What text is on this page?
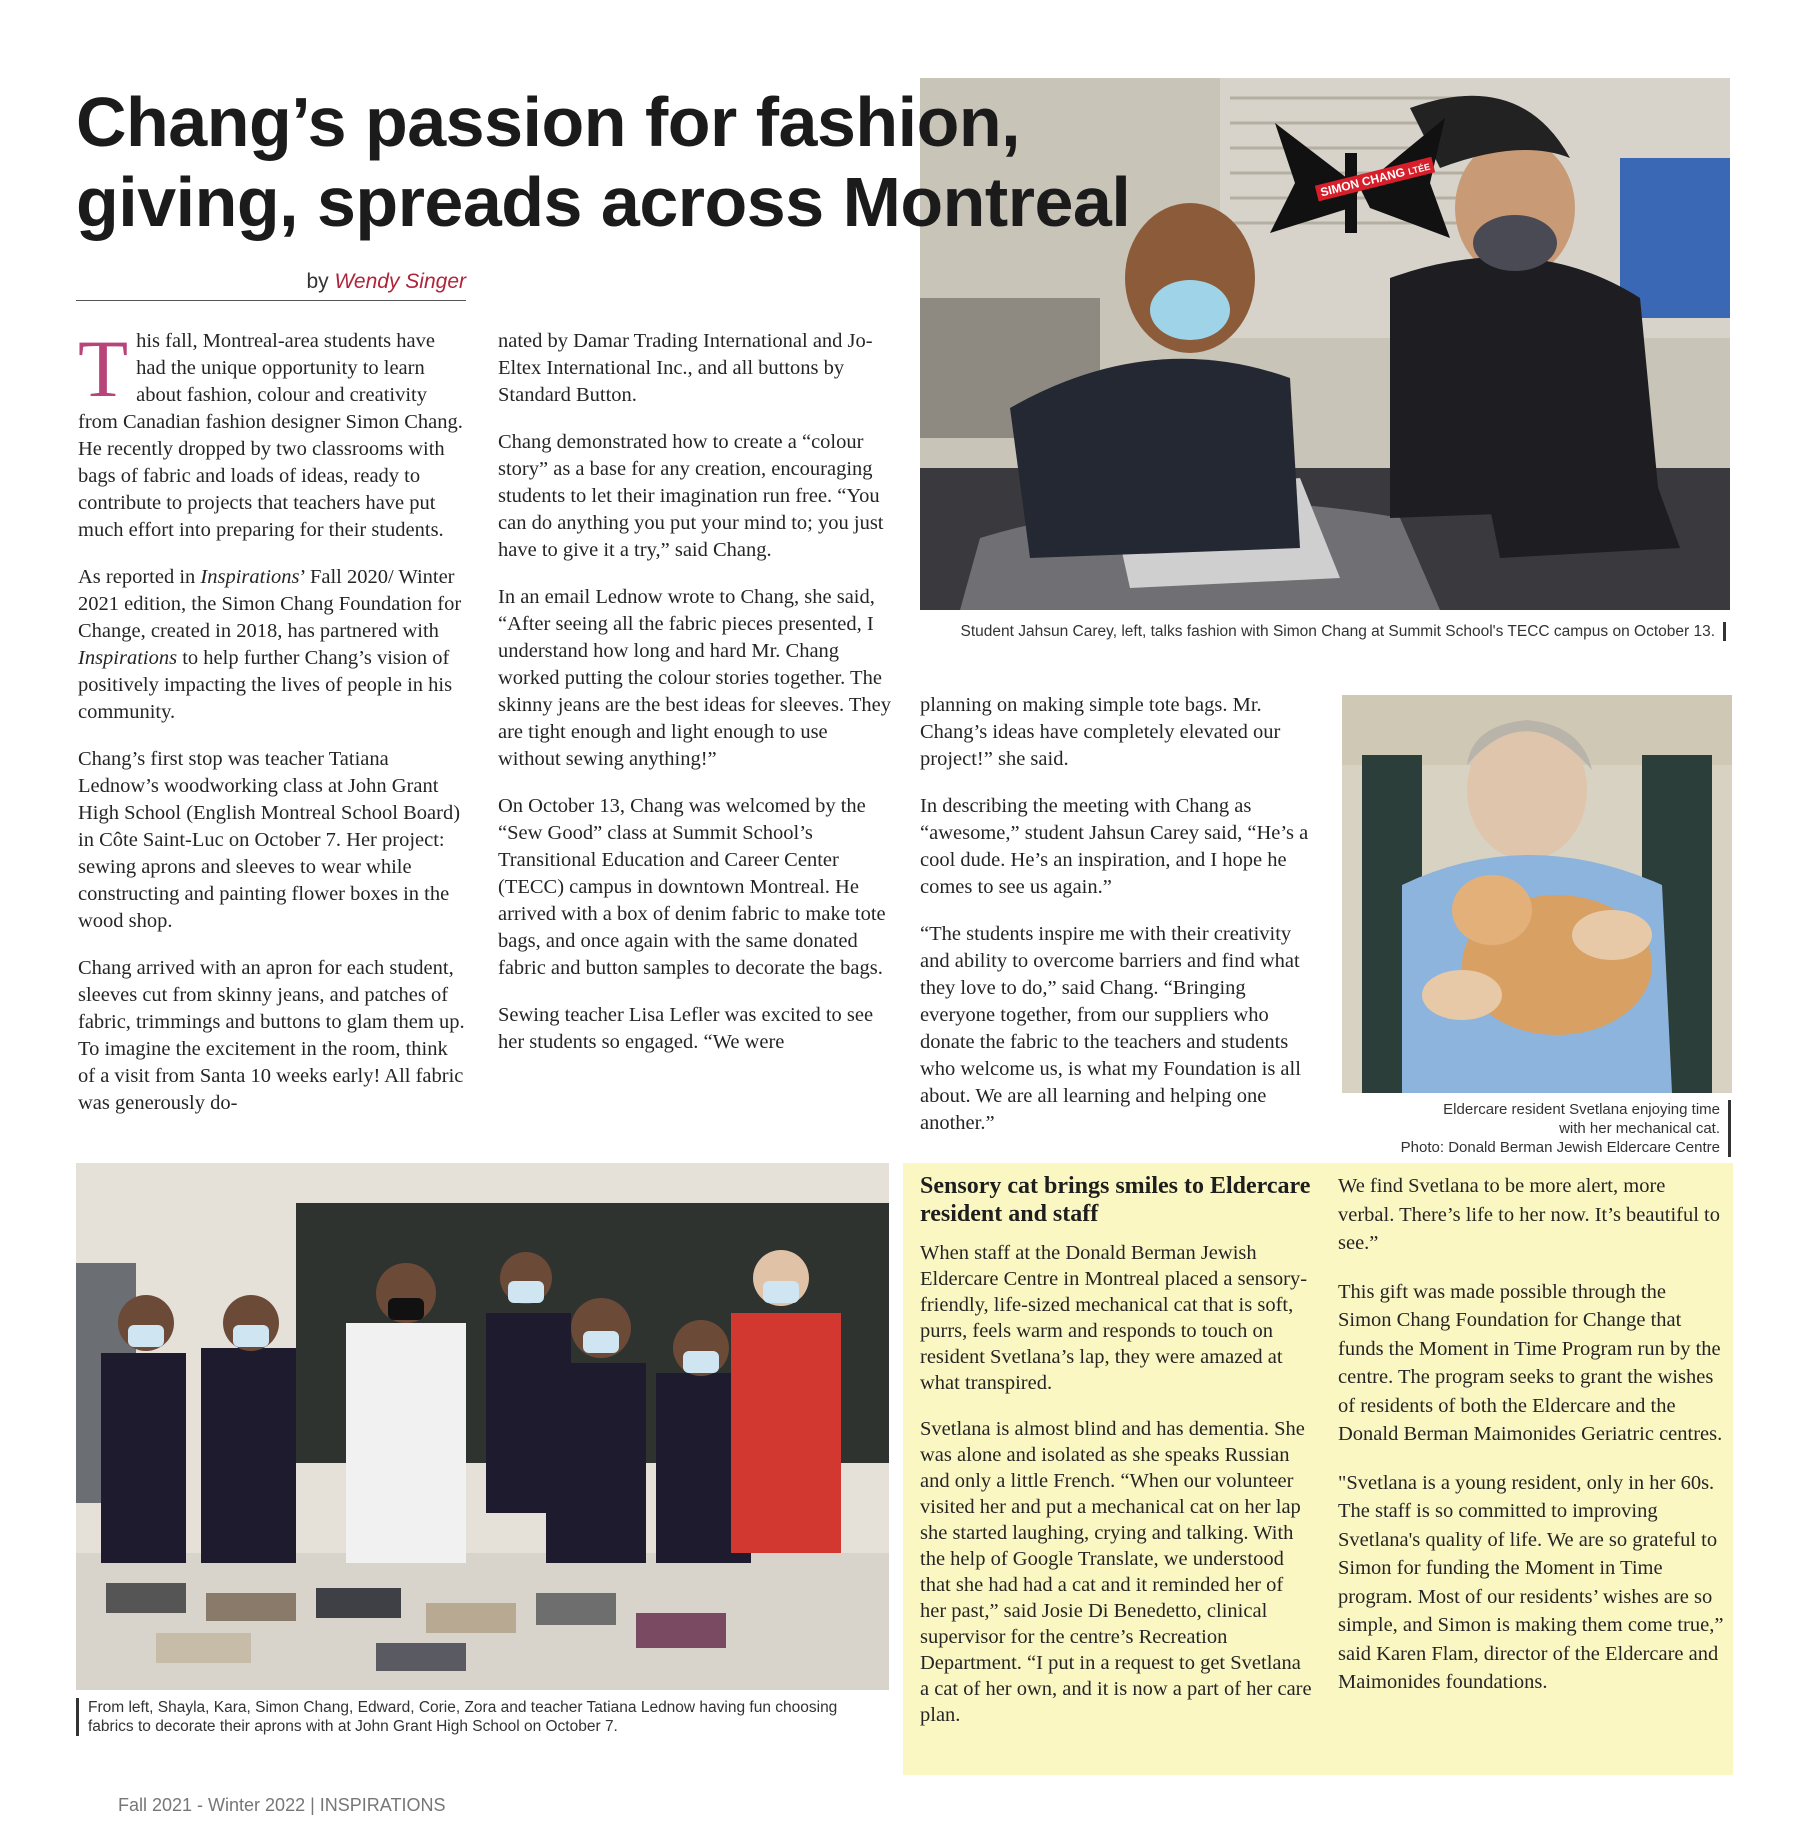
Chang’s passion for fashion, giving, spreads across Montreal
by Wendy Singer
SIMON CHANG LTÉE
Student Jahsun Carey, left, talks fashion with Simon Chang at Summit School's TECC campus on October 13.

This fall, Montreal-area students have had the unique opportunity to learn about fashion, colour and creativity from Canadian fashion designer Simon Chang. He recently dropped by two classrooms with bags of fabric and loads of ideas, ready to contribute to projects that teachers have put much effort into preparing for their students.

As reported in Inspirations’ Fall 2020/ Winter 2021 edition, the Simon Chang Foundation for Change, created in 2018, has partnered with Inspirations to help further Chang’s vision of positively impacting the lives of people in his community.

Chang’s first stop was teacher Tatiana Lednow’s woodworking class at John Grant High School (English Montreal School Board) in Côte Saint-Luc on October 7. Her project: sewing aprons and sleeves to wear while constructing and painting flower boxes in the wood shop.

Chang arrived with an apron for each student, sleeves cut from skinny jeans, and patches of fabric, trimmings and buttons to glam them up. To imagine the excitement in the room, think of a visit from Santa 10 weeks early! All fabric was generously do-

nated by Damar Trading International and Jo-Eltex International Inc., and all buttons by Standard Button.

Chang demonstrated how to create a “colour story” as a base for any creation, encouraging students to let their imagination run free. “You can do anything you put your mind to; you just have to give it a try,” said Chang.

In an email Lednow wrote to Chang, she said, “After seeing all the fabric pieces presented, I understand how long and hard Mr. Chang worked putting the colour stories together. The skinny jeans are the best ideas for sleeves. They are tight enough and light enough to use without sewing anything!”

On October 13, Chang was welcomed by the “Sew Good” class at Summit School’s Transitional Education and Career Center (TECC) campus in downtown Montreal. He arrived with a box of denim fabric to make tote bags, and once again with the same donated fabric and button samples to decorate the bags.

Sewing teacher Lisa Lefler was excited to see her students so engaged. “We were

planning on making simple tote bags. Mr. Chang’s ideas have completely elevated our project!” she said.

In describing the meeting with Chang as “awesome,” student Jahsun Carey said, “He’s a cool dude. He’s an inspiration, and I hope he comes to see us again.”

“The students inspire me with their creativity and ability to overcome barriers and find what they love to do,” said Chang. “Bringing everyone together, from our suppliers who donate the fabric to the teachers and students who welcome us, is what my Foundation is all about. We are all learning and helping one another.”

Eldercare resident Svetlana enjoying time
with her mechanical cat.
Photo: Donald Berman Jewish Eldercare Centre
From left, Shayla, Kara, Simon Chang, Edward, Corie, Zora and teacher Tatiana Lednow having fun choosing
fabrics to decorate their aprons with at John Grant High School on October 7.
Sensory cat brings smiles to Eldercare resident and staff

When staff at the Donald Berman Jewish Eldercare Centre in Montreal placed a sensory-friendly, life-sized mechanical cat that is soft, purrs, feels warm and responds to touch on resident Svetlana’s lap, they were amazed at what transpired.

Svetlana is almost blind and has dementia. She was alone and isolated as she speaks Russian and only a little French. “When our volunteer visited her and put a mechanical cat on her lap she started laughing, crying and talking. With the help of Google Translate, we understood that she had had a cat and it reminded her of her past,” said Josie Di Benedetto, clinical supervisor for the centre’s Recreation Department. “I put in a request to get Svetlana a cat of her own, and it is now a part of her care plan.

We find Svetlana to be more alert, more verbal. There’s life to her now. It’s beautiful to see.”

This gift was made possible through the Simon Chang Foundation for Change that funds the Moment in Time Program run by the centre. The program seeks to grant the wishes of residents of both the Eldercare and the Donald Berman Maimonides Geriatric centres.

"Svetlana is a young resident, only in her 60s. The staff is so committed to improving Svetlana's quality of life. We are so grateful to Simon for funding the Moment in Time program. Most of our residents’ wishes are so simple, and Simon is making them come true,” said Karen Flam, director of the Eldercare and Maimonides foundations.

Fall 2021 - Winter 2022 | INSPIRATIONS
